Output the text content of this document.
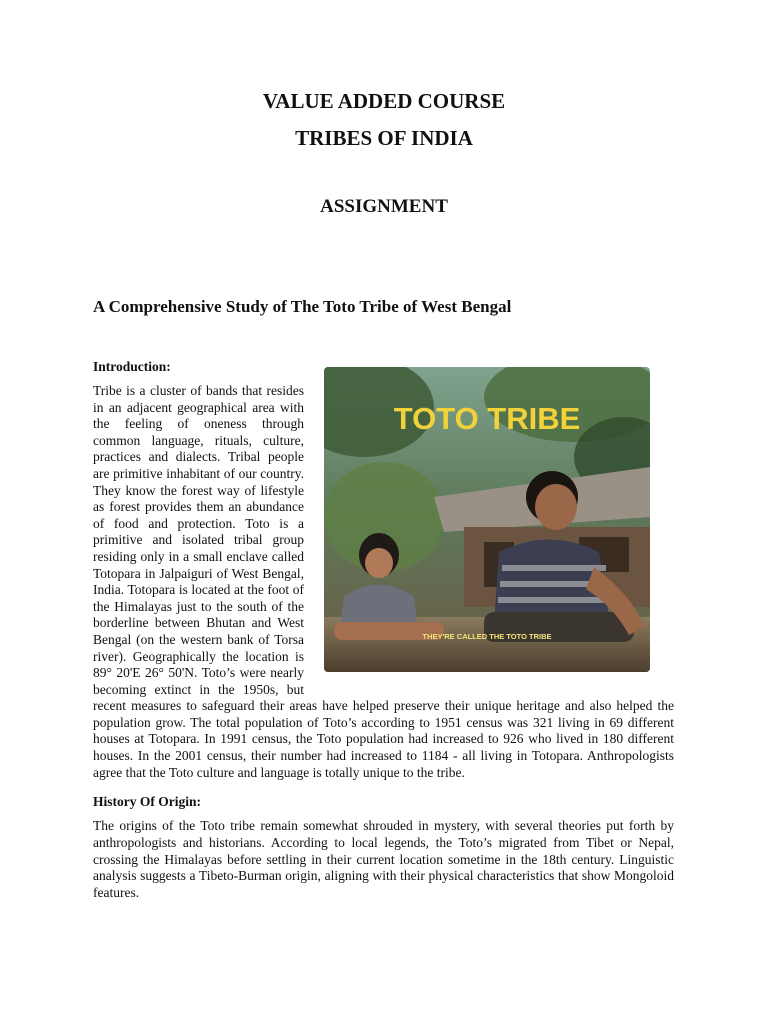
VALUE ADDED COURSE
TRIBES OF INDIA
ASSIGNMENT
A Comprehensive Study of The Toto Tribe of West Bengal
Introduction:

TOTO TRIBE
THEY'RE CALLED THE TOTO TRIBE
Tribe is a cluster of bands that resides in an adjacent geographical area with the feeling of oneness through common language, rituals, culture, practices and dialects. Tribal people are primitive inhabitant of our country. They know the forest way of lifestyle as forest provides them an abundance of food and protection. Toto is a primitive and isolated tribal group residing only in a small enclave called Totopara in Jalpaiguri of West Bengal, India. Totopara is located at the foot of the Himalayas just to the south of the borderline between Bhutan and West Bengal (on the western bank of Torsa river). Geographically the location is 89° 20'E 26° 50'N. Toto’s were nearly becoming extinct in the 1950s, but recent measures to safeguard their areas have helped preserve their unique heritage and also helped the population grow. The total population of Toto’s according to 1951 census was 321 living in 69 different houses at Totopara. In 1991 census, the Toto population had increased to 926 who lived in 180 different houses. In the 2001 census, their number had increased to 1184 - all living in Totopara. Anthropologists agree that the Toto culture and language is totally unique to the tribe.

History Of Origin:

The origins of the Toto tribe remain somewhat shrouded in mystery, with several theories put forth by anthropologists and historians. According to local legends, the Toto’s migrated from Tibet or Nepal, crossing the Himalayas before settling in their current location sometime in the 18th century. Linguistic analysis suggests a Tibeto-Burman origin, aligning with their physical characteristics that show Mongoloid features.
